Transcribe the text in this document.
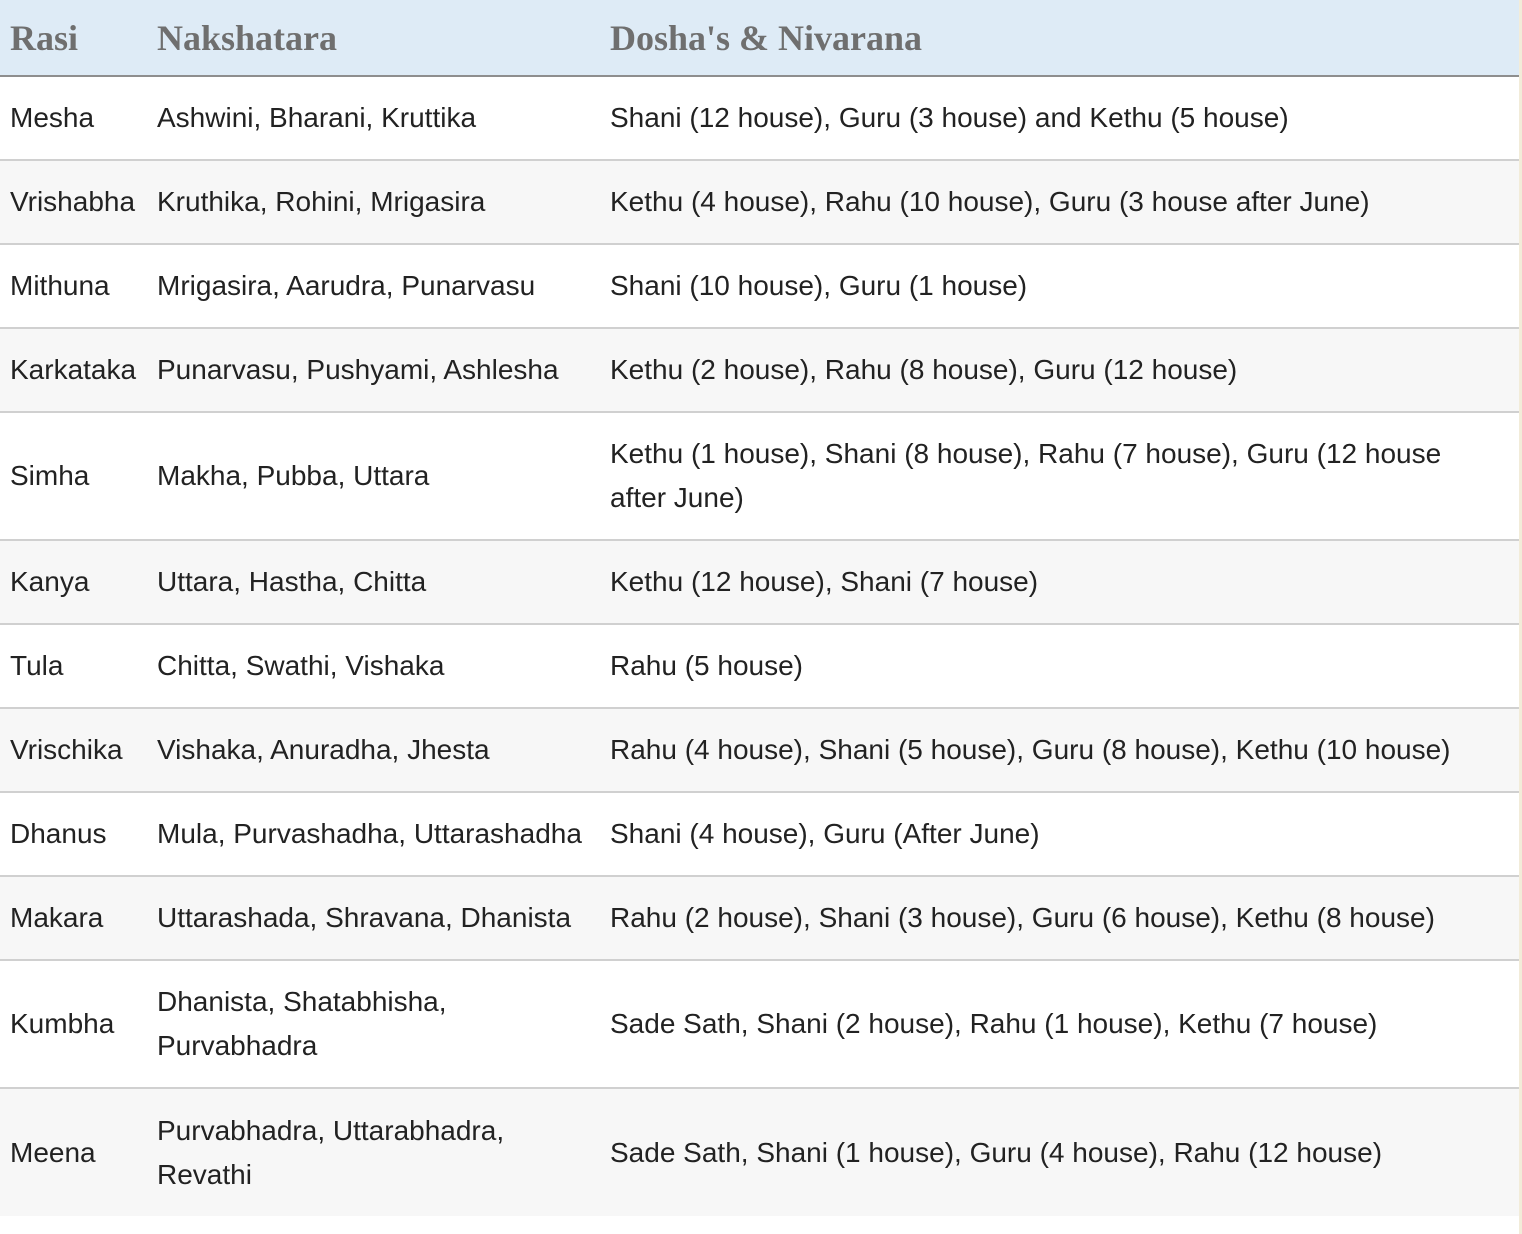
Rasi	Nakshatara	Dosha's & Nivarana
Mesha	Ashwini, Bharani, Kruttika	Shani (12 house), Guru (3 house) and Kethu (5 house)
Vrishabha	Kruthika, Rohini, Mrigasira	Kethu (4 house), Rahu (10 house), Guru (3 house after June)
Mithuna	Mrigasira, Aarudra, Punarvasu	Shani (10 house), Guru (1 house)
Karkataka	Punarvasu, Pushyami, Ashlesha	Kethu (2 house), Rahu (8 house), Guru (12 house)
Simha	Makha, Pubba, Uttara	Kethu (1 house), Shani (8 house), Rahu (7 house), Guru (12 house after June)
Kanya	Uttara, Hastha, Chitta	Kethu (12 house), Shani (7 house)
Tula	Chitta, Swathi, Vishaka	Rahu (5 house)
Vrischika	Vishaka, Anuradha, Jhesta	Rahu (4 house), Shani (5 house), Guru (8 house), Kethu (10 house)
Dhanus	Mula, Purvashadha, Uttarashadha	Shani (4 house), Guru (After June)
Makara	Uttarashada, Shravana, Dhanista	Rahu (2 house), Shani (3 house), Guru (6 house), Kethu (8 house)
Kumbha	Dhanista, Shatabhisha, Purvabhadra	Sade Sath, Shani (2 house), Rahu (1 house), Kethu (7 house)
Meena	Purvabhadra, Uttarabhadra, Revathi	Sade Sath, Shani (1 house), Guru (4 house), Rahu (12 house)
